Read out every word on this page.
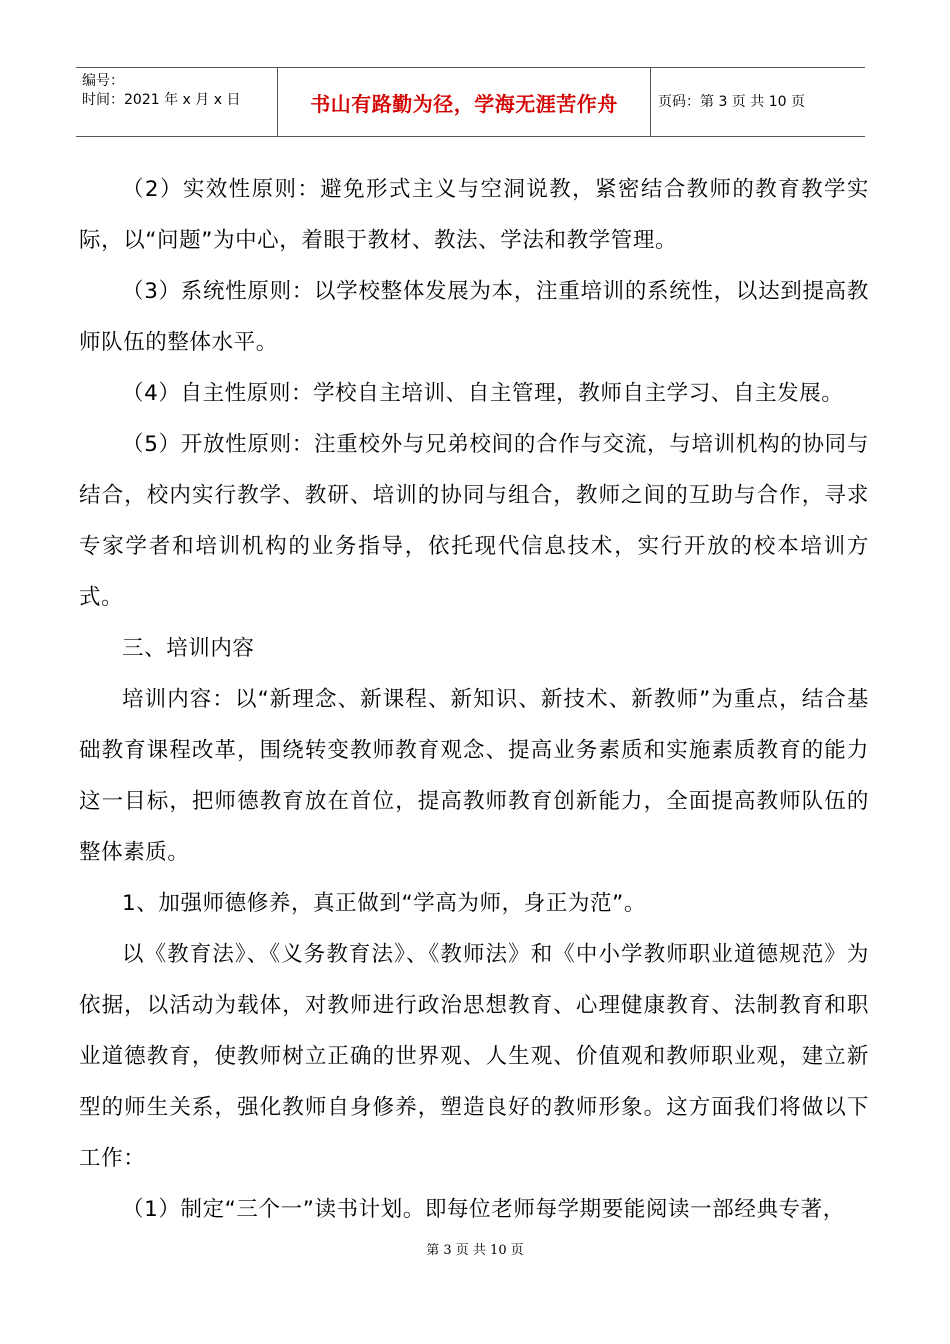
编号：
时间：2021 年 x 月 x 日	书山有路勤为径，学海无涯苦作舟	页码：第 3 页 共 10 页

（2）实效性原则：避免形式主义与空洞说教，紧密结合教师的教育教学实际，以“问题”为中心，着眼于教材、教法、学法和教学管理。

（3）系统性原则：以学校整体发展为本，注重培训的系统性，以达到提高教师队伍的整体水平。

（4）自主性原则：学校自主培训、自主管理，教师自主学习、自主发展。

（5）开放性原则：注重校外与兄弟校间的合作与交流，与培训机构的协同与结合，校内实行教学、教研、培训的协同与组合，教师之间的互助与合作，寻求专家学者和培训机构的业务指导，依托现代信息技术，实行开放的校本培训方式。

三、培训内容

培训内容：以“新理念、新课程、新知识、新技术、新教师”为重点，结合基础教育课程改革，围绕转变教师教育观念、提高业务素质和实施素质教育的能力这一目标，把师德教育放在首位，提高教师教育创新能力，全面提高教师队伍的整体素质。

1、加强师德修养，真正做到“学高为师，身正为范”。

以《教育法》、《义务教育法》、《教师法》和《中小学教师职业道德规范》为依据，以活动为载体，对教师进行政治思想教育、心理健康教育、法制教育和职业道德教育，使教师树立正确的世界观、人生观、价值观和教师职业观，建立新型的师生关系，强化教师自身修养，塑造良好的教师形象。这方面我们将做以下工作：

（1）制定“三个一”读书计划。即每位老师每学期要能阅读一部经典专著，

第 3 页 共 10 页
